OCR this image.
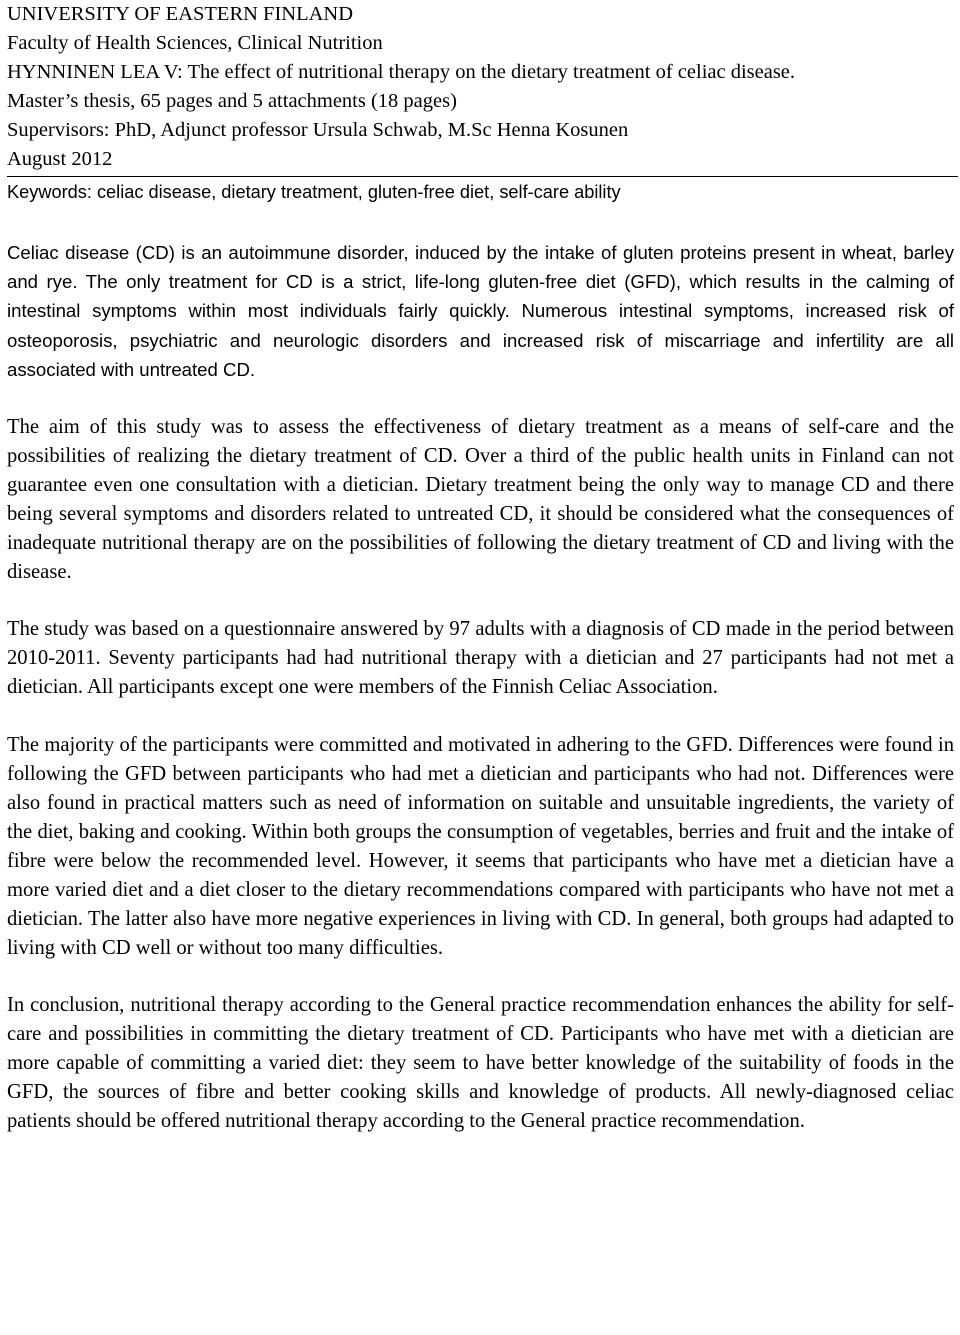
UNIVERSITY OF EASTERN FINLAND
Faculty of Health Sciences, Clinical Nutrition
HYNNINEN LEA V: The effect of nutritional therapy on the dietary treatment of celiac disease.
Master’s thesis, 65 pages and 5 attachments (18 pages)
Supervisors: PhD, Adjunct professor Ursula Schwab, M.Sc Henna Kosunen
August 2012
Keywords: celiac disease, dietary treatment, gluten-free diet, self-care ability

Celiac disease (CD) is an autoimmune disorder, induced by the intake of gluten proteins present in wheat, barley and rye. The only treatment for CD is a strict, life-long gluten-free diet (GFD), which results in the calming of intestinal symptoms within most individuals fairly quickly. Numerous intestinal symptoms, increased risk of osteoporosis, psychiatric and neurologic disorders and increased risk of miscarriage and infertility are all associated with untreated CD.

The aim of this study was to assess the effectiveness of dietary treatment as a means of self-care and the possibilities of realizing the dietary treatment of CD. Over a third of the public health units in Finland can not guarantee even one consultation with a dietician. Dietary treatment being the only way to manage CD and there being several symptoms and disorders related to untreated CD, it should be considered what the consequences of inadequate nutritional therapy are on the possibilities of following the dietary treatment of CD and living with the disease.

The study was based on a questionnaire answered by 97 adults with a diagnosis of CD made in the period between 2010-2011. Seventy participants had had nutritional therapy with a dietician and 27 participants had not met a dietician. All participants except one were members of the Finnish Celiac Association.

The majority of the participants were committed and motivated in adhering to the GFD. Differences were found in following the GFD between participants who had met a dietician and participants who had not. Differences were also found in practical matters such as need of information on suitable and unsuitable ingredients, the variety of the diet, baking and cooking. Within both groups the consumption of vegetables, berries and fruit and the intake of fibre were below the recommended level. However, it seems that participants who have met a dietician have a more varied diet and a diet closer to the dietary recommendations compared with participants who have not met a dietician. The latter also have more negative experiences in living with CD. In general, both groups had adapted to living with CD well or without too many difficulties.

In conclusion, nutritional therapy according to the General practice recommendation enhances the ability for self-care and possibilities in committing the dietary treatment of CD. Participants who have met with a dietician are more capable of committing a varied diet: they seem to have better knowledge of the suitability of foods in the GFD, the sources of fibre and better cooking skills and knowledge of products. All newly-diagnosed celiac patients should be offered nutritional therapy according to the General practice recommendation.
